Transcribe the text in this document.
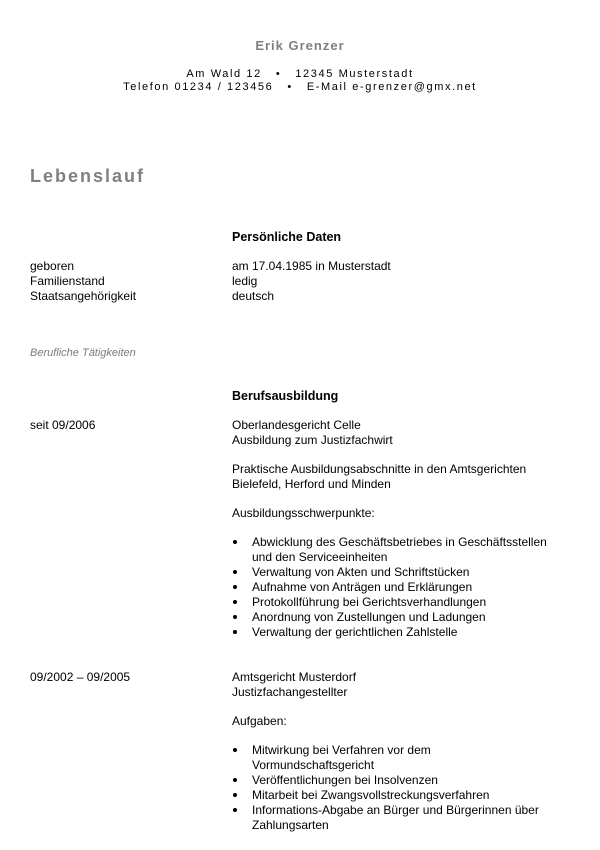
Erik Grenzer
Am Wald 12 • 12345 Musterstadt
Telefon 01234 / 123456 • E-Mail e-grenzer@gmx.net
Lebenslauf
Persönliche Daten
geboren	am 17.04.1985 in Musterstadt
Familienstand	ledig
Staatsangehörigkeit	deutsch
Berufliche Tätigkeiten
Berufsausbildung
seit 09/2006	Oberlandesgericht Celle
Ausbildung zum Justizfachwirt
Praktische Ausbildungsabschnitte in den Amtsgerichten
Bielefeld, Herford und Minden
Ausbildungsschwerpunkte:
Abwicklung des Geschäftsbetriebes in Geschäftsstellen und den Serviceeinheiten
Verwaltung von Akten und Schriftstücken
Aufnahme von Anträgen und Erklärungen
Protokollführung bei Gerichtsverhandlungen
Anordnung von Zustellungen und Ladungen
Verwaltung der gerichtlichen Zahlstelle
09/2002 – 09/2005	Amtsgericht Musterdorf
Justizfachangestellter
Aufgaben:
Mitwirkung bei Verfahren vor dem Vormundschaftsgericht
Veröffentlichungen bei Insolvenzen
Mitarbeit bei Zwangsvollstreckungsverfahren
Informations-Abgabe an Bürger und Bürgerinnen über Zahlungsarten
